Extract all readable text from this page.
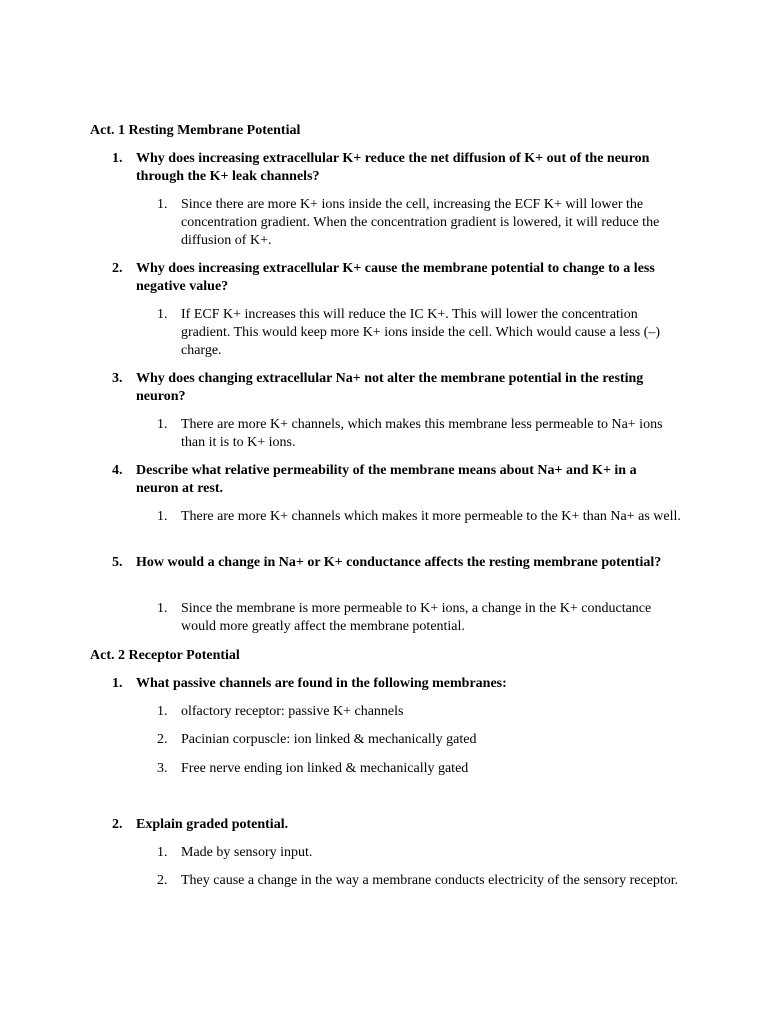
Act. 1 Resting Membrane Potential
1. Why does increasing extracellular K+ reduce the net diffusion of K+ out of the neuron through the K+ leak channels?
1. Since there are more K+ ions inside the cell, increasing the ECF K+ will lower the concentration gradient. When the concentration gradient is lowered, it will reduce the diffusion of K+.
2. Why does increasing extracellular K+ cause the membrane potential to change to a less negative value?
1. If ECF K+ increases this will reduce the IC K+. This will lower the concentration gradient. This would keep more K+ ions inside the cell. Which would cause a less (–) charge.
3. Why does changing extracellular Na+ not alter the membrane potential in the resting neuron?
1. There are more K+ channels, which makes this membrane less permeable to Na+ ions than it is to K+ ions.
4. Describe what relative permeability of the membrane means about Na+ and K+ in a neuron at rest.
1. There are more K+ channels which makes it more permeable to the K+ than Na+ as well.
5. How would a change in Na+ or K+ conductance affects the resting membrane potential?
1. Since the membrane is more permeable to K+ ions, a change in the K+ conductance would more greatly affect the membrane potential.
Act. 2 Receptor Potential
1. What passive channels are found in the following membranes:
1. olfactory receptor: passive K+ channels
2. Pacinian corpuscle: ion linked & mechanically gated
3. Free nerve ending ion linked & mechanically gated
2. Explain graded potential.
1. Made by sensory input.
2. They cause a change in the way a membrane conducts electricity of the sensory receptor.
